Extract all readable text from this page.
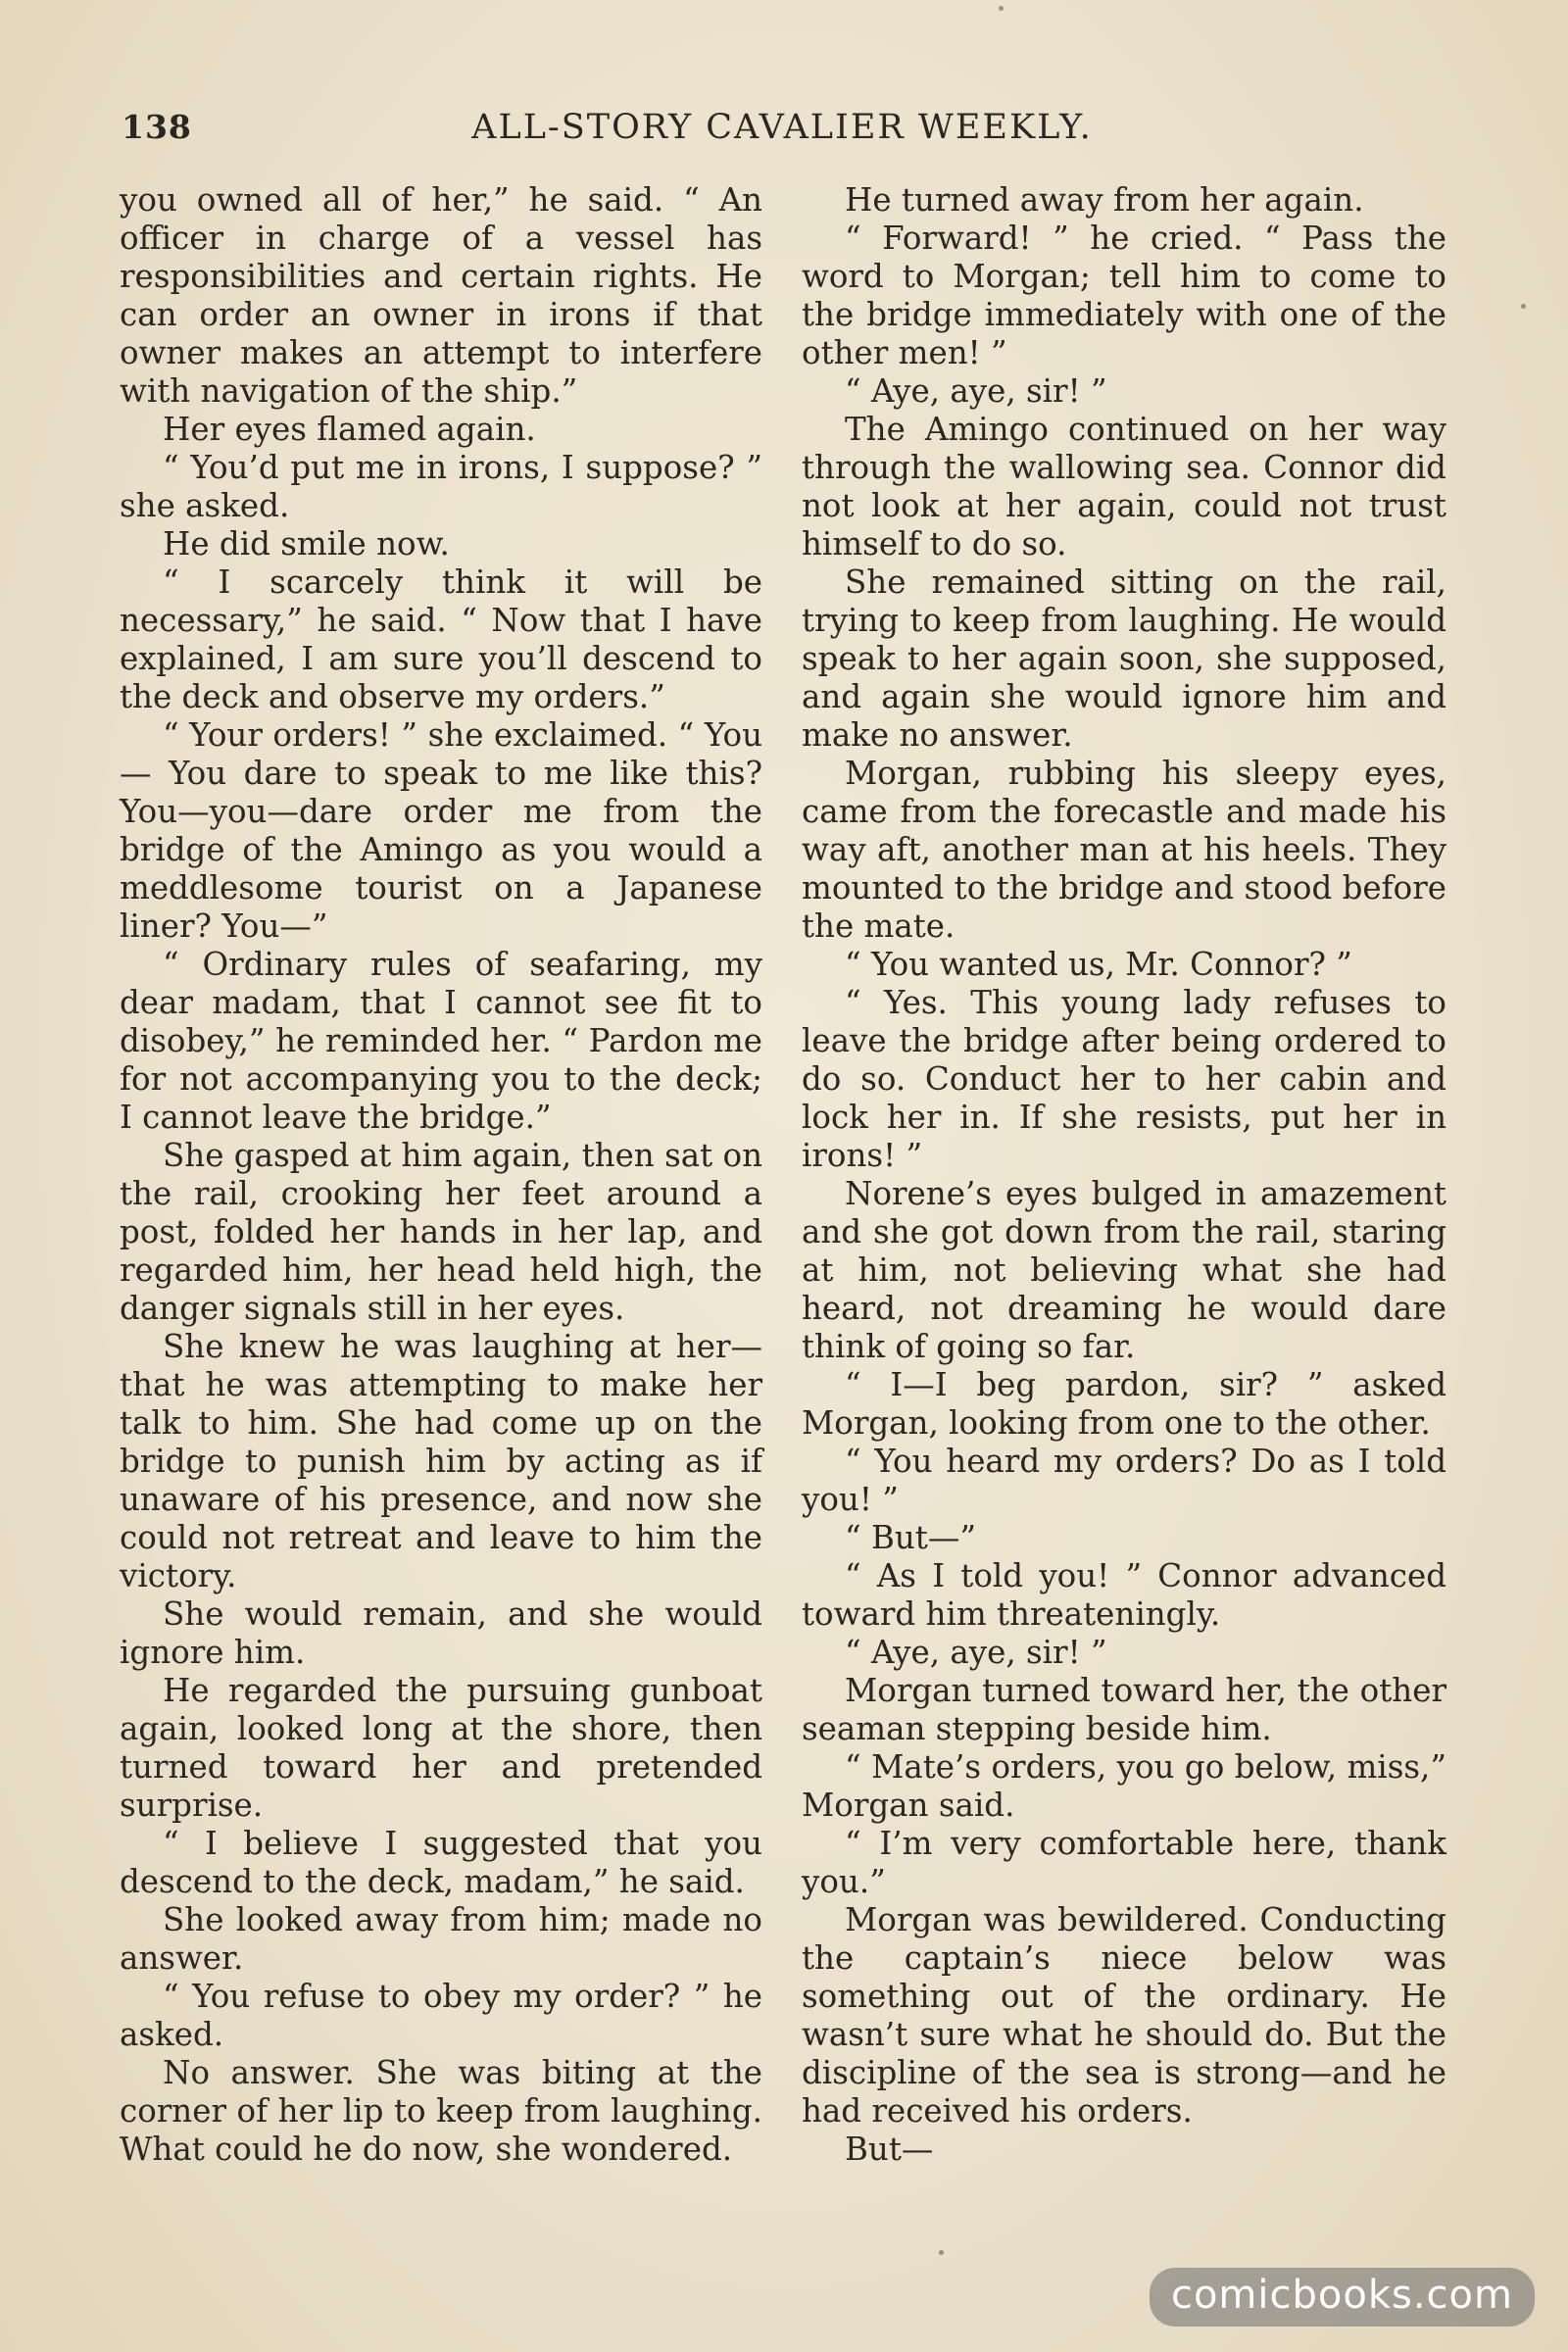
138	ALL-STORY CAVALIER WEEKLY.

you owned all of her,” he said. “ An officer in charge of a vessel has responsibilities and certain rights. He can order an owner in irons if that owner makes an attempt to interfere with navigation of the ship.”

Her eyes flamed again.

“ You’d put me in irons, I suppose? ” she asked.

He did smile now.

“ I scarcely think it will be necessary,” he said. “ Now that I have explained, I am sure you’ll descend to the deck and observe my orders.”

“ Your orders! ” she exclaimed. “ You— You dare to speak to me like this? You—you—dare order me from the bridge of the Amingo as you would a meddlesome tourist on a Japanese liner? You—”

“ Ordinary rules of seafaring, my dear madam, that I cannot see fit to disobey,” he reminded her. “ Pardon me for not accompanying you to the deck; I cannot leave the bridge.”

She gasped at him again, then sat on the rail, crooking her feet around a post, folded her hands in her lap, and regarded him, her head held high, the danger signals still in her eyes.

She knew he was laughing at her—that he was attempting to make her talk to him. She had come up on the bridge to punish him by acting as if unaware of his presence, and now she could not retreat and leave to him the victory.

She would remain, and she would ignore him.

He regarded the pursuing gunboat again, looked long at the shore, then turned toward her and pretended surprise.

“ I believe I suggested that you descend to the deck, madam,” he said.

She looked away from him; made no answer.

“ You refuse to obey my order? ” he asked.

No answer. She was biting at the corner of her lip to keep from laughing. What could he do now, she wondered.

He turned away from her again.

“ Forward! ” he cried. “ Pass the word to Morgan; tell him to come to the bridge immediately with one of the other men! ”

“ Aye, aye, sir! ”

The Amingo continued on her way through the wallowing sea. Connor did not look at her again, could not trust himself to do so.

She remained sitting on the rail, trying to keep from laughing. He would speak to her again soon, she supposed, and again she would ignore him and make no answer.

Morgan, rubbing his sleepy eyes, came from the forecastle and made his way aft, another man at his heels. They mounted to the bridge and stood before the mate.

“ You wanted us, Mr. Connor? ”

“ Yes. This young lady refuses to leave the bridge after being ordered to do so. Conduct her to her cabin and lock her in. If she resists, put her in irons! ”

Norene’s eyes bulged in amazement and she got down from the rail, staring at him, not believing what she had heard, not dreaming he would dare think of going so far.

“ I—I beg pardon, sir? ” asked Morgan, looking from one to the other.

“ You heard my orders? Do as I told you! ”

“ But—”

“ As I told you! ” Connor advanced toward him threateningly.

“ Aye, aye, sir! ”

Morgan turned toward her, the other seaman stepping beside him.

“ Mate’s orders, you go below, miss,” Morgan said.

“ I’m very comfortable here, thank you.”

Morgan was bewildered. Conducting the captain’s niece below was something out of the ordinary. He wasn’t sure what he should do. But the discipline of the sea is strong—and he had received his orders.

But—

comicbooks.com
